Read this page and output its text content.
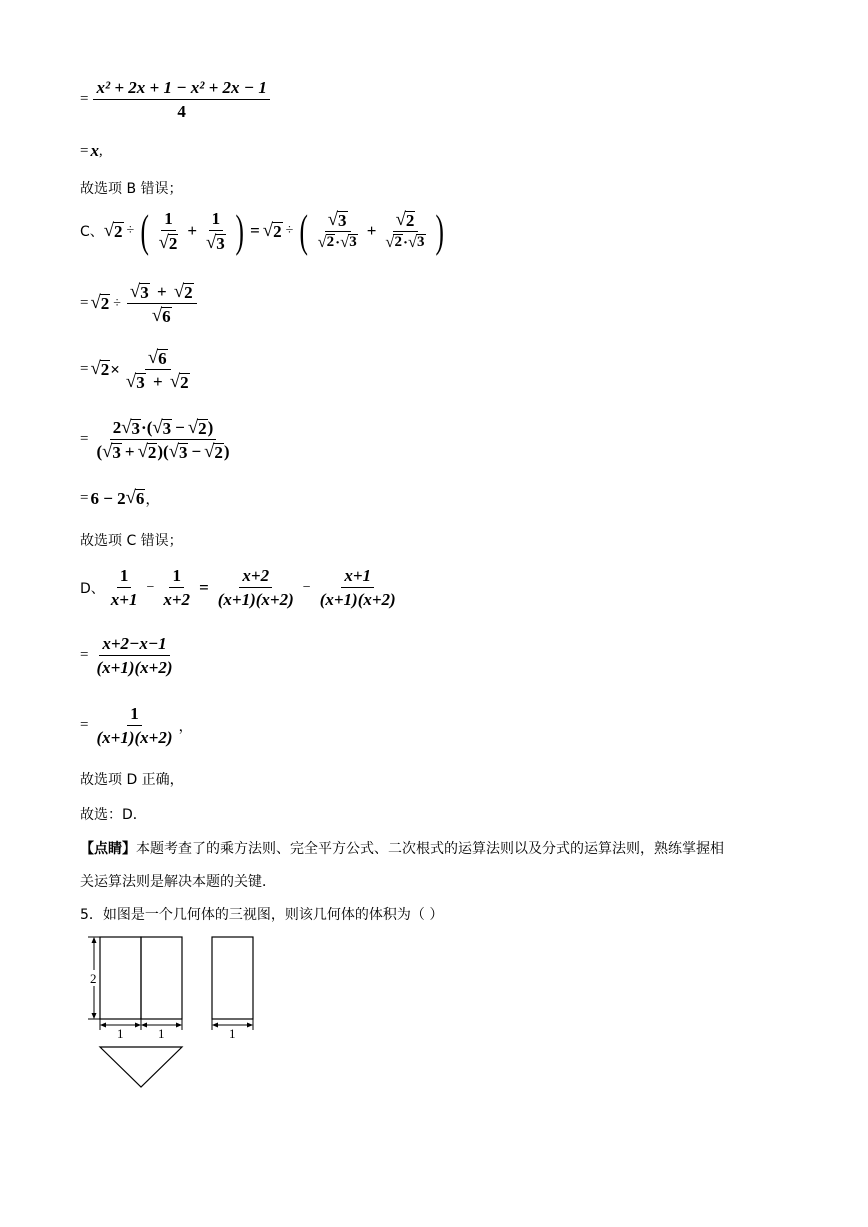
= $\frac{\text{x² + 2x + 1 − x² + 2x − 1}}{4}$
= x ,
故选项 B 错误；
C、 √ 2 ÷ ( $\frac{1}{√ 2} + \frac{1}{√ 3}$ ) = √ 2 ÷ ( $\frac{√ 3}{√ 2 \cdot √ 3} + \frac{√ 2}{√ 2 \cdot √ 3}$ )
= √ $2 \div \frac{√ 3 + √ 2}{√ 6}$
= √ $2 \times \frac{√ 6}{√ 3 + √ 2}$
= $\frac{2 √ 3 \cdot( √ 3 - √ 2 )}{( √ 3 + √ 2 )( √ 3 - √ 2 )}$
= 6 − 2 √ 6 ，
故选项 C 错误；
D、 $\frac{1}{x+1} - \frac{1}{x+2} = \frac{x+2}{(x+1)(x+2)} - \frac{x+1}{(x+1)(x+2)}$
= $\frac{x+2-x-1}{(x+1)(x+2)}$
= $\frac{1}{(x+1)(x+2)}$ ，
故选项 D 正确，
故选：D．
【点睛】本题考查了的乘方法则、完全平方公式、二次根式的运算法则以及分式的运算法则，熟练掌握相
关运算法则是解决本题的关键．
5．如图是一个几何体的三视图，则该几何体的体积为（ ）
2
1	1	1
